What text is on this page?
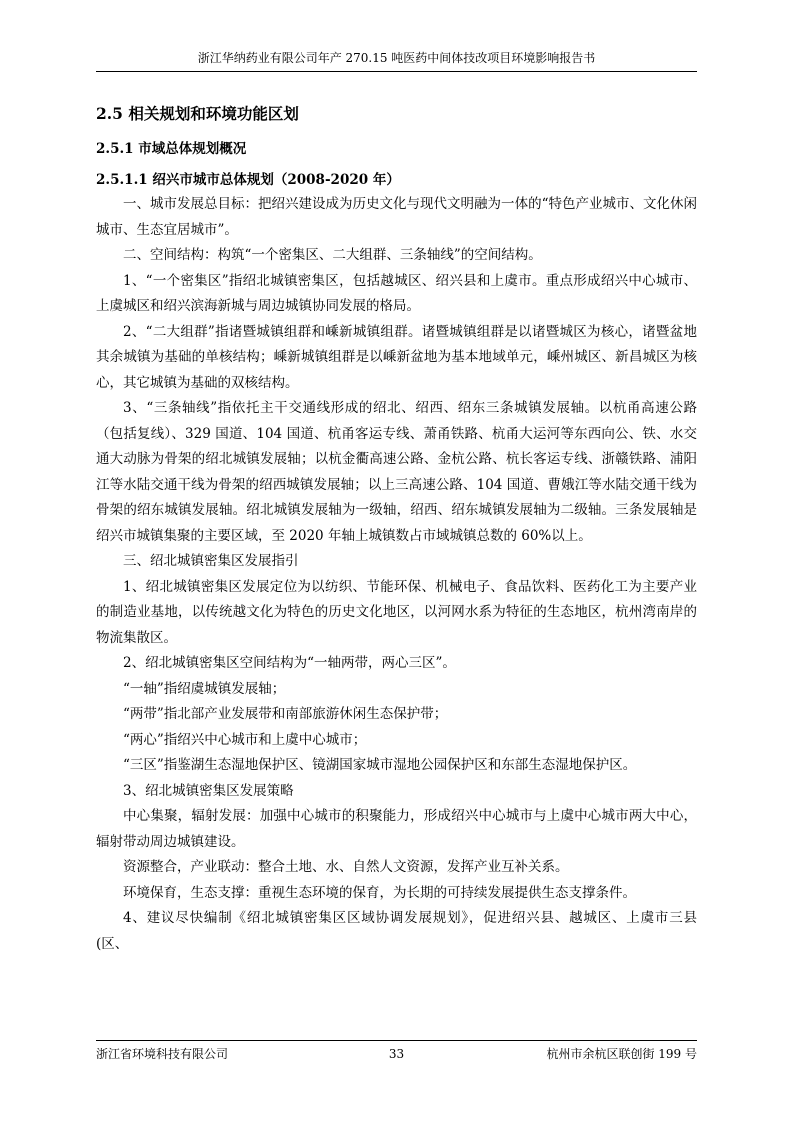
浙江华纳药业有限公司年产 270.15 吨医药中间体技改项目环境影响报告书
2.5 相关规划和环境功能区划
2.5.1 市域总体规划概况
2.5.1.1 绍兴市城市总体规划（2008-2020 年）

一、城市发展总目标：把绍兴建设成为历史文化与现代文明融为一体的“特色产业城市、文化休闲城市、生态宜居城市”。

二、空间结构：构筑“一个密集区、二大组群、三条轴线”的空间结构。

1、“一个密集区”指绍北城镇密集区，包括越城区、绍兴县和上虞市。重点形成绍兴中心城市、上虞城区和绍兴滨海新城与周边城镇协同发展的格局。

2、“二大组群”指诸暨城镇组群和嵊新城镇组群。诸暨城镇组群是以诸暨城区为核心，诸暨盆地其余城镇为基础的单核结构；嵊新城镇组群是以嵊新盆地为基本地域单元，嵊州城区、新昌城区为核心，其它城镇为基础的双核结构。

3、“三条轴线”指依托主干交通线形成的绍北、绍西、绍东三条城镇发展轴。以杭甬高速公路（包括复线）、329 国道、104 国道、杭甬客运专线、萧甬铁路、杭甬大运河等东西向公、铁、水交通大动脉为骨架的绍北城镇发展轴；以杭金衢高速公路、金杭公路、杭长客运专线、浙赣铁路、浦阳江等水陆交通干线为骨架的绍西城镇发展轴；以上三高速公路、104 国道、曹娥江等水陆交通干线为骨架的绍东城镇发展轴。绍北城镇发展轴为一级轴，绍西、绍东城镇发展轴为二级轴。三条发展轴是绍兴市城镇集聚的主要区域，至 2020 年轴上城镇数占市域城镇总数的 60%以上。

三、绍北城镇密集区发展指引

1、绍北城镇密集区发展定位为以纺织、节能环保、机械电子、食品饮料、医药化工为主要产业的制造业基地，以传统越文化为特色的历史文化地区，以河网水系为特征的生态地区，杭州湾南岸的物流集散区。

2、绍北城镇密集区空间结构为“一轴两带，两心三区”。

“一轴”指绍虞城镇发展轴；

“两带”指北部产业发展带和南部旅游休闲生态保护带；

“两心”指绍兴中心城市和上虞中心城市；

“三区”指鉴湖生态湿地保护区、镜湖国家城市湿地公园保护区和东部生态湿地保护区。

3、绍北城镇密集区发展策略

中心集聚，辐射发展：加强中心城市的积聚能力，形成绍兴中心城市与上虞中心城市两大中心，辐射带动周边城镇建设。

资源整合，产业联动：整合土地、水、自然人文资源，发挥产业互补关系。

环境保育，生态支撑：重视生态环境的保育，为长期的可持续发展提供生态支撑条件。

4、建议尽快编制《绍北城镇密集区区域协调发展规划》，促进绍兴县、越城区、上虞市三县(区、

浙江省环境科技有限公司	33	杭州市余杭区联创街 199 号
